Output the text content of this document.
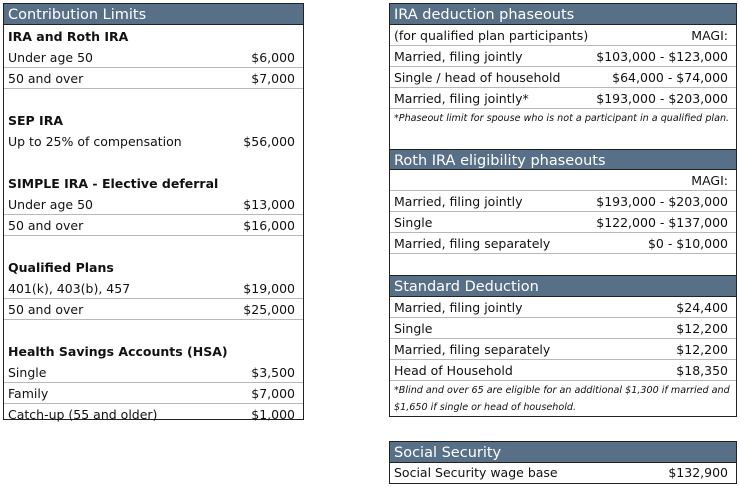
Contribution Limits
IRA and Roth IRA
Under age 50	$6,000
50 and over	$7,000
SEP IRA
Up to 25% of compensation	$56,000
SIMPLE IRA - Elective deferral
Under age 50	$13,000
50 and over	$16,000
Qualified Plans
401(k), 403(b), 457	$19,000
50 and over	$25,000
Health Savings Accounts (HSA)
Single	$3,500
Family	$7,000
Catch-up (55 and older)	$1,000
IRA deduction phaseouts
(for qualified plan participants)	MAGI:
Married, filing jointly	$103,000 - $123,000
Single / head of household	$64,000 - $74,000
Married, filing jointly*	$193,000 - $203,000
*Phaseout limit for spouse who is not a participant in a qualified plan.
Roth IRA eligibility phaseouts
MAGI:
Married, filing jointly	$193,000 - $203,000
Single	$122,000 - $137,000
Married, filing separately	$0 - $10,000
Standard Deduction
Married, filing jointly	$24,400
Single	$12,200
Married, filing separately	$12,200
Head of Household	$18,350
*Blind and over 65 are eligible for an additional $1,300 if married and $1,650 if single or head of household.
Social Security
Social Security wage base	$132,900
